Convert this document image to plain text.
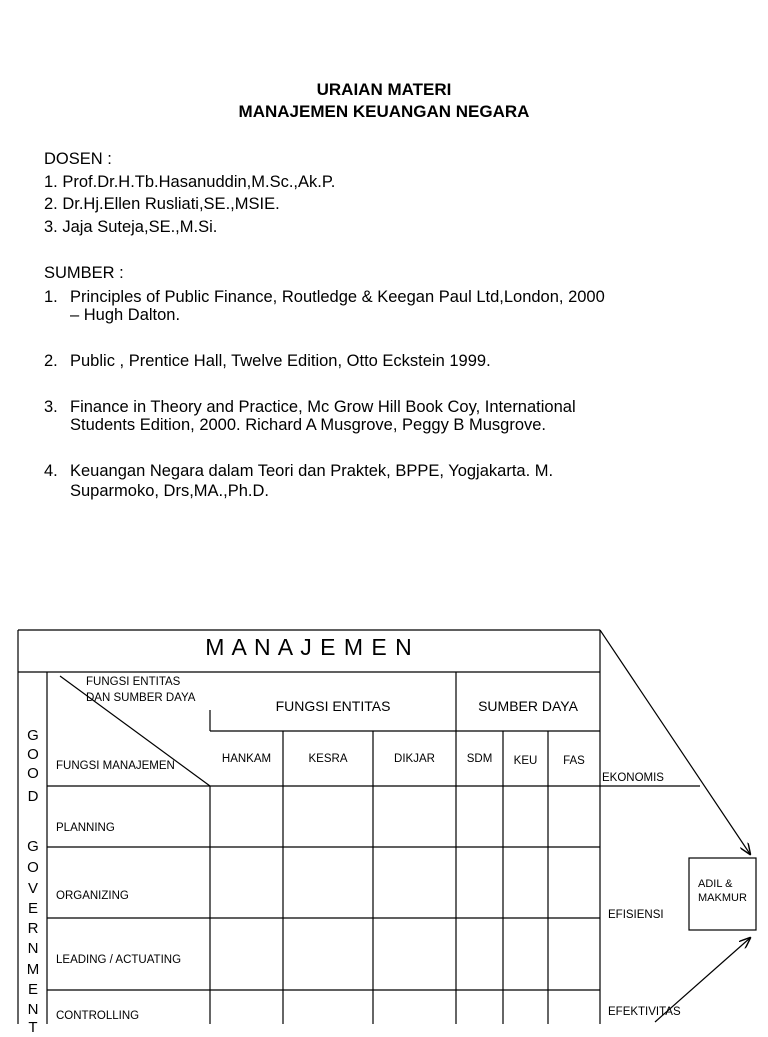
URAIAN MATERI
MANAJEMEN KEUANGAN NEGARA
DOSEN :
1. Prof.Dr.H.Tb.Hasanuddin,M.Sc.,Ak.P.
2. Dr.Hj.Ellen Rusliati,SE.,MSIE.
3. Jaja Suteja,SE.,M.Si.
SUMBER :
1. Principles of Public Finance, Routledge & Keegan Paul Ltd,London, 2000
– Hugh Dalton.
2. Public , Prentice Hall, Twelve Edition, Otto Eckstein 1999.
3. Finance in Theory and Practice, Mc Grow Hill Book Coy, International
Students Edition, 2000. Richard A Musgrove, Peggy B Musgrove.
4. Keuangan Negara dalam Teori dan Praktek, BPPE, Yogjakarta. M.
Suparmoko, Drs,MA.,Ph.D.
M A N A J E M E N
FUNGSI ENTITAS
DAN SUMBER DAYA
FUNGSI MANAJEMEN
FUNGSI ENTITAS	SUMBER DAYA
HANKAM	KESRA	DIKJAR	SDM	KEU	FAS
PLANNING
ORGANIZING
LEADING / ACTUATING
CONTROLLING
G
O
O
D
G
O
V
E
R
N
M
E
N
T
EKONOMIS
EFISIENSI
EFEKTIVITAS
ADIL &
MAKMUR
